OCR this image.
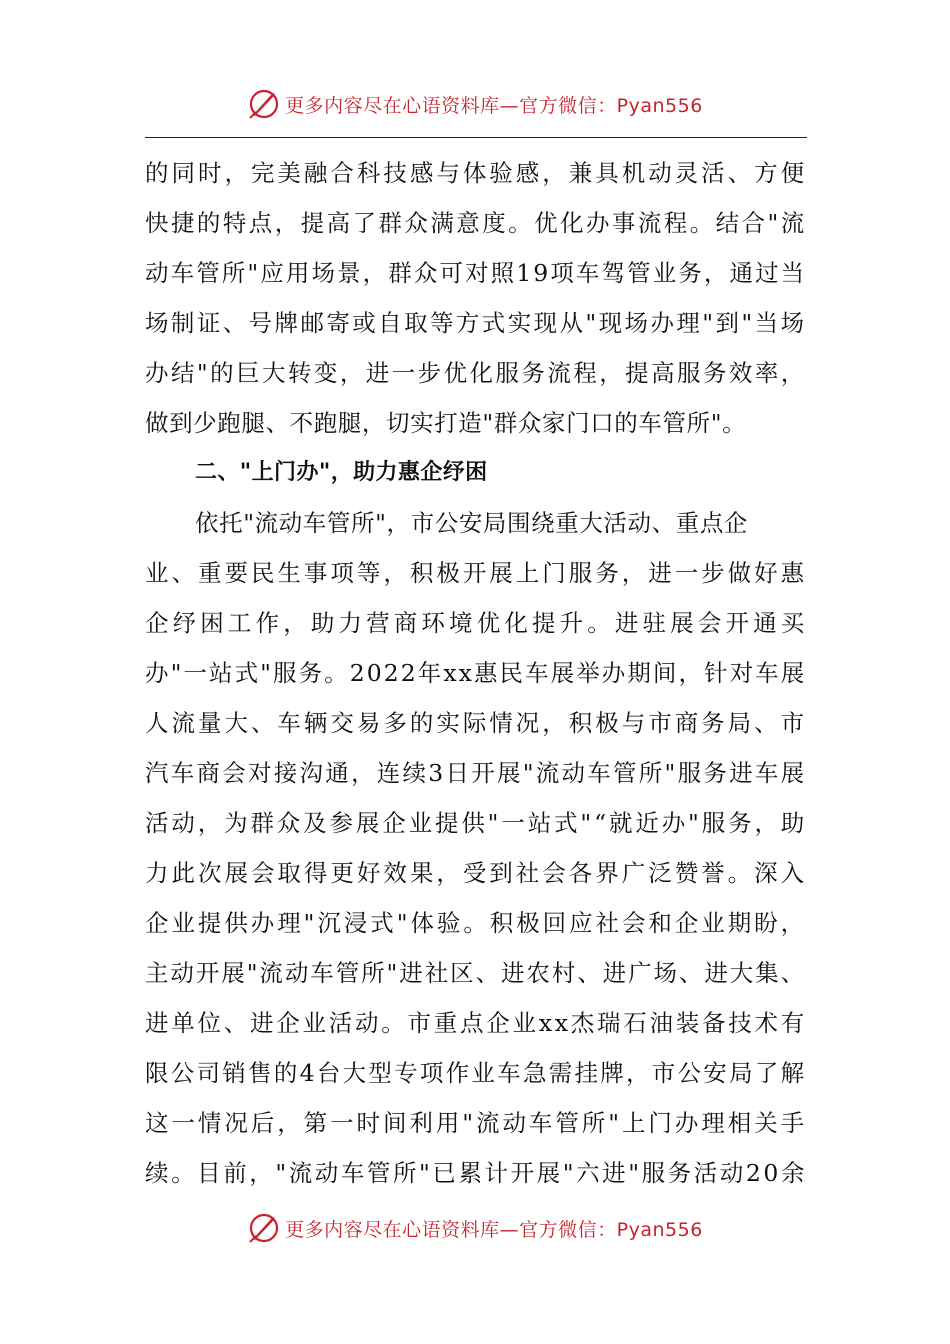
更多内容尽在心语资料库—官方微信：Pyan556
的 同 时 ， 完 美 融 合 科 技 感 与 体 验 感 ， 兼 具 机 动 灵 活 、 方 便
快 捷 的 特 点 ， 提 高 了 群 众 满 意 度 。 优 化 办 事 流 程 。 结 合 " 流
动 车 管 所 " 应 用 场 景 ， 群 众 可 对 照 1 9 项 车 驾 管 业 务 ， 通 过 当
场 制 证 、 号 牌 邮 寄 或 自 取 等 方 式 实 现 从 " 现 场 办 理 " 到 " 当 场
办 结 " 的 巨 大 转 变 ， 进 一 步 优 化 服 务 流 程 ， 提 高 服 务 效 率 ，
做到少跑腿、不跑腿，切实打造"群众家门口的车管所"。
二、"上门办"，助力惠企纾困
依托"流动车管所"，市公安局围绕重大活动、重点企
业 、 重 要 民 生 事 项 等 ， 积 极 开 展 上 门 服 务 ， 进 一 步 做 好 惠
企 纾 困 工 作 ， 助 力 营 商 环 境 优 化 提 升 。 进 驻 展 会 开 通 买
办 " 一 站 式 " 服 务 。 2 0 2 2 年 x x 惠 民 车 展 举 办 期 间 ， 针 对 车 展
人 流 量 大 、 车 辆 交 易 多 的 实 际 情 况 ， 积 极 与 市 商 务 局 、 市
汽 车 商 会 对 接 沟 通 ， 连 续 3 日 开 展 " 流 动 车 管 所 " 服 务 进 车 展
活 动 ， 为 群 众 及 参 展 企 业 提 供 " 一 站 式 " “ 就 近 办 " 服 务 ， 助
力 此 次 展 会 取 得 更 好 效 果 ， 受 到 社 会 各 界 广 泛 赞 誉 。 深 入
企 业 提 供 办 理 " 沉 浸 式 " 体 验 。 积 极 回 应 社 会 和 企 业 期 盼 ，
主 动 开 展 " 流 动 车 管 所 " 进 社 区 、 进 农 村 、 进 广 场 、 进 大 集 、
进 单 位 、 进 企 业 活 动 。 市 重 点 企 业 x x 杰 瑞 石 油 装 备 技 术 有
限 公 司 销 售 的 4 台 大 型 专 项 作 业 车 急 需 挂 牌 ， 市 公 安 局 了 解
这 一 情 况 后 ， 第 一 时 间 利 用 " 流 动 车 管 所 " 上 门 办 理 相 关 手
续 。 目 前 ， " 流 动 车 管 所 " 已 累 计 开 展 " 六 进 " 服 务 活 动 2 0 余
更多内容尽在心语资料库—官方微信：Pyan556
